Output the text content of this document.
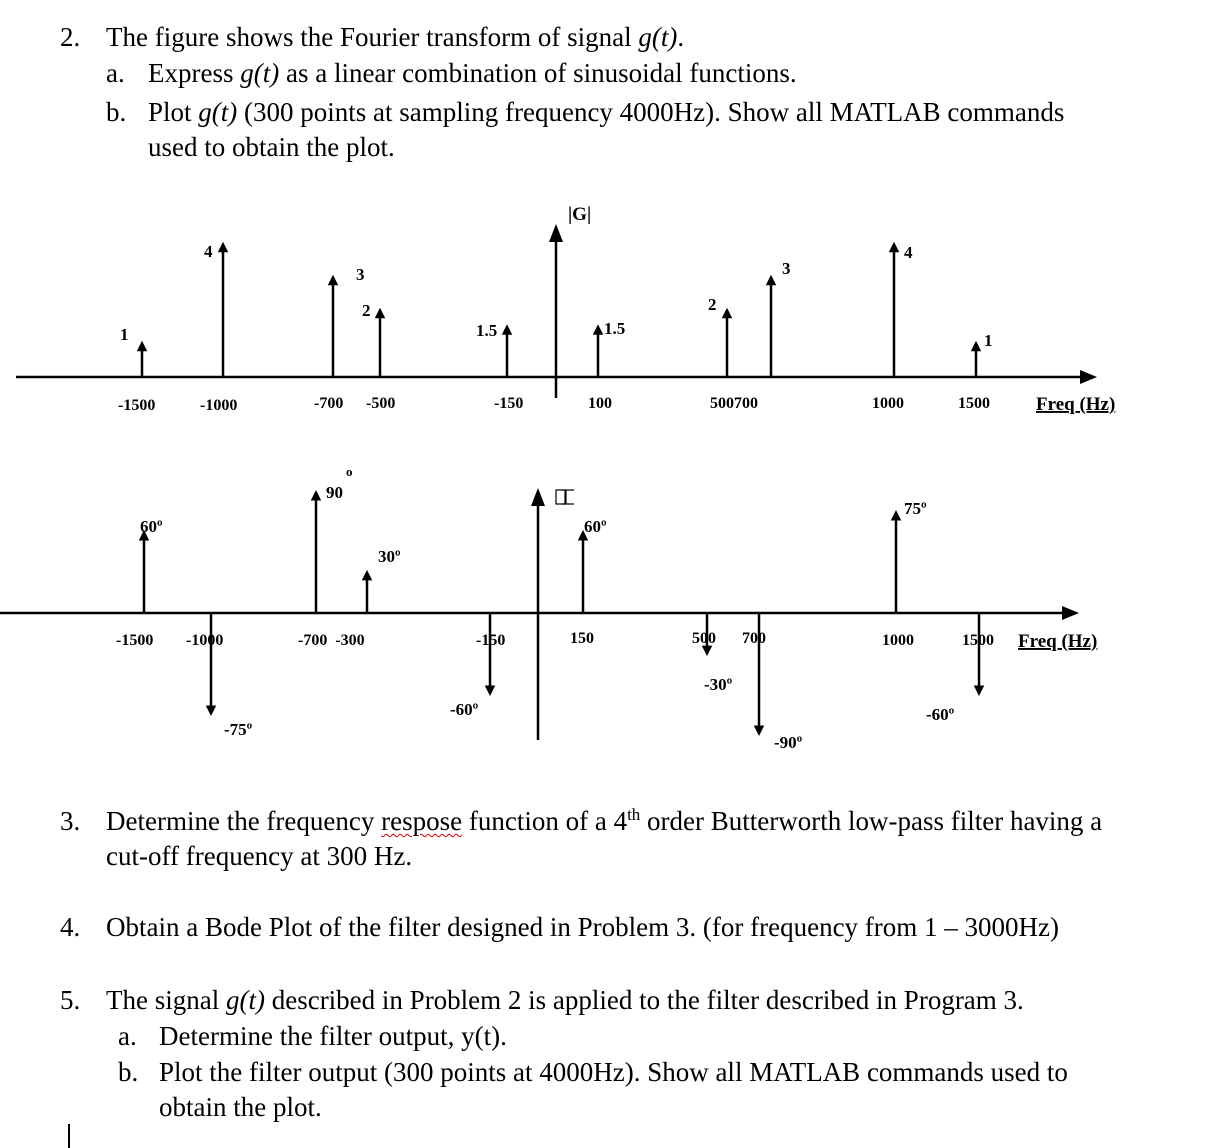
2. The figure shows the Fourier transform of signal g(t).
a. Express g(t) as a linear combination of sinusoidal functions.
b. Plot g(t) (300 points at sampling frequency 4000Hz). Show all MATLAB commands
used to obtain the plot.
|G|
1
4
3
2
1.5	1.5
2
3
4
1
-1500	-1000	-700 -500	-150	100	500700	1000	1500 Freq (Hz)
60º
-75º
90
30º
-60º
60º
-30º
-90º
75º
-60º
-1500 -1000	-700  -300	-150	150	500 700	1000	1500 Freq (Hz)
o
3. Determine the frequency respose function of a 4th order Butterworth low-pass filter having a
cut-off frequency at 300 Hz.
4. Obtain a Bode Plot of the filter designed in Problem 3. (for frequency from 1 – 3000Hz)
5. The signal g(t) described in Problem 2 is applied to the filter described in Program 3.
a. Determine the filter output, y(t).
b. Plot the filter output (300 points at 4000Hz). Show all MATLAB commands used to
obtain the plot.
